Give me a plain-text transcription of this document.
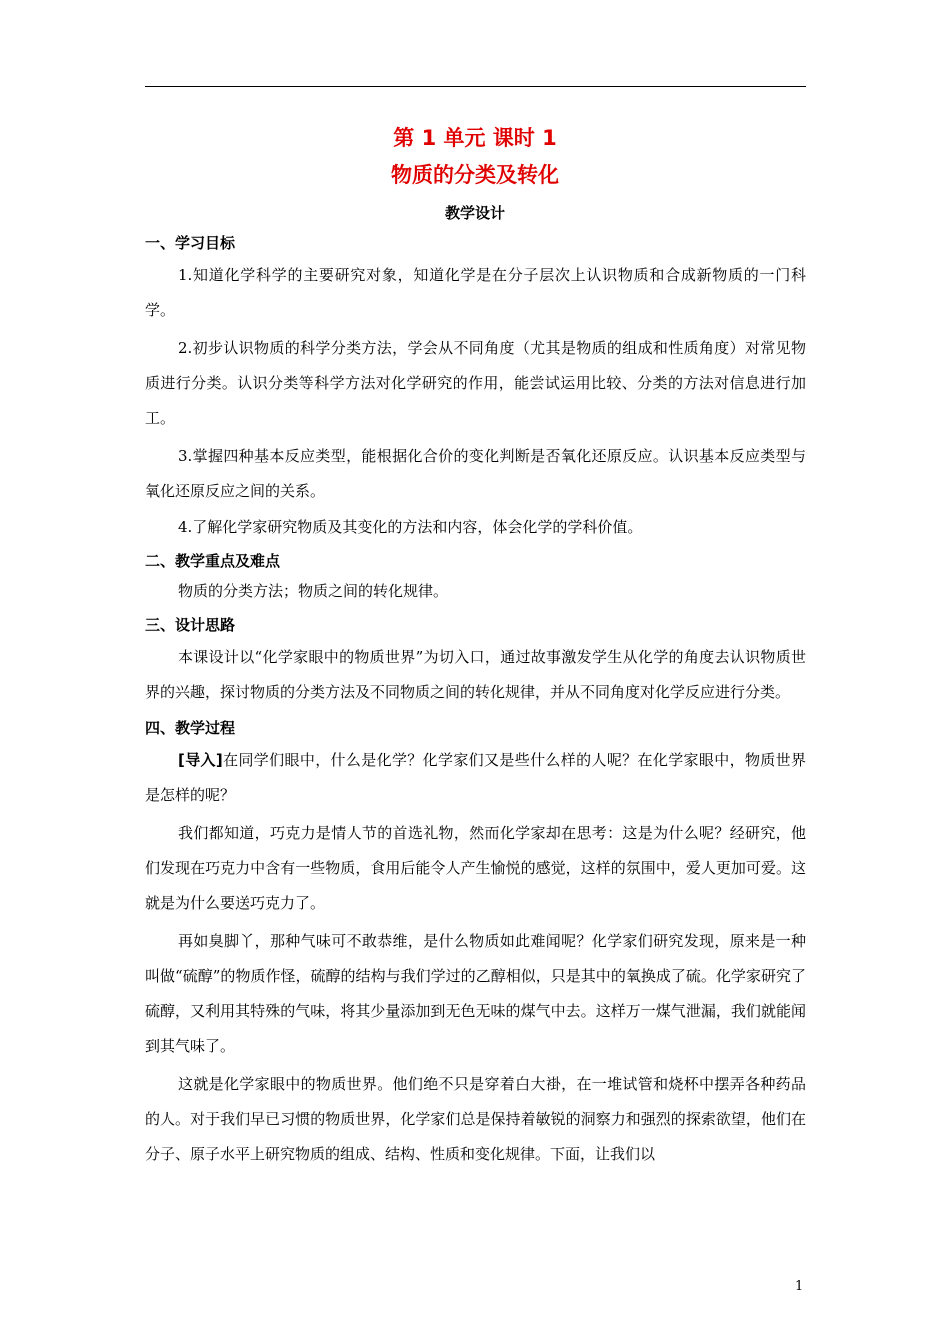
第 1 单元 课时 1
物质的分类及转化
教学设计
一、学习目标

1.知道化学科学的主要研究对象，知道化学是在分子层次上认识物质和合成新物质的一门科学。

2.初步认识物质的科学分类方法，学会从不同角度（尤其是物质的组成和性质角度）对常见物质进行分类。认识分类等科学方法对化学研究的作用，能尝试运用比较、分类的方法对信息进行加工。

3.掌握四种基本反应类型，能根据化合价的变化判断是否氧化还原反应。认识基本反应类型与氧化还原反应之间的关系。

4.了解化学家研究物质及其变化的方法和内容，体会化学的学科价值。

二、教学重点及难点

物质的分类方法；物质之间的转化规律。

三、设计思路

本课设计以“化学家眼中的物质世界”为切入口，通过故事激发学生从化学的角度去认识物质世界的兴趣，探讨物质的分类方法及不同物质之间的转化规律，并从不同角度对化学反应进行分类。

四、教学过程

[导入]在同学们眼中，什么是化学？化学家们又是些什么样的人呢？在化学家眼中，物质世界是怎样的呢？

我们都知道，巧克力是情人节的首选礼物，然而化学家却在思考：这是为什么呢？经研究，他们发现在巧克力中含有一些物质，食用后能令人产生愉悦的感觉，这样的氛围中，爱人更加可爱。这就是为什么要送巧克力了。

再如臭脚丫，那种气味可不敢恭维，是什么物质如此难闻呢？化学家们研究发现，原来是一种叫做“硫醇”的物质作怪，硫醇的结构与我们学过的乙醇相似，只是其中的氧换成了硫。化学家研究了硫醇，又利用其特殊的气味，将其少量添加到无色无味的煤气中去。这样万一煤气泄漏，我们就能闻到其气味了。

这就是化学家眼中的物质世界。他们绝不只是穿着白大褂，在一堆试管和烧杯中摆弄各种药品的人。对于我们早已习惯的物质世界，化学家们总是保持着敏锐的洞察力和强烈的探索欲望，他们在分子、原子水平上研究物质的组成、结构、性质和变化规律。下面，让我们以

1
